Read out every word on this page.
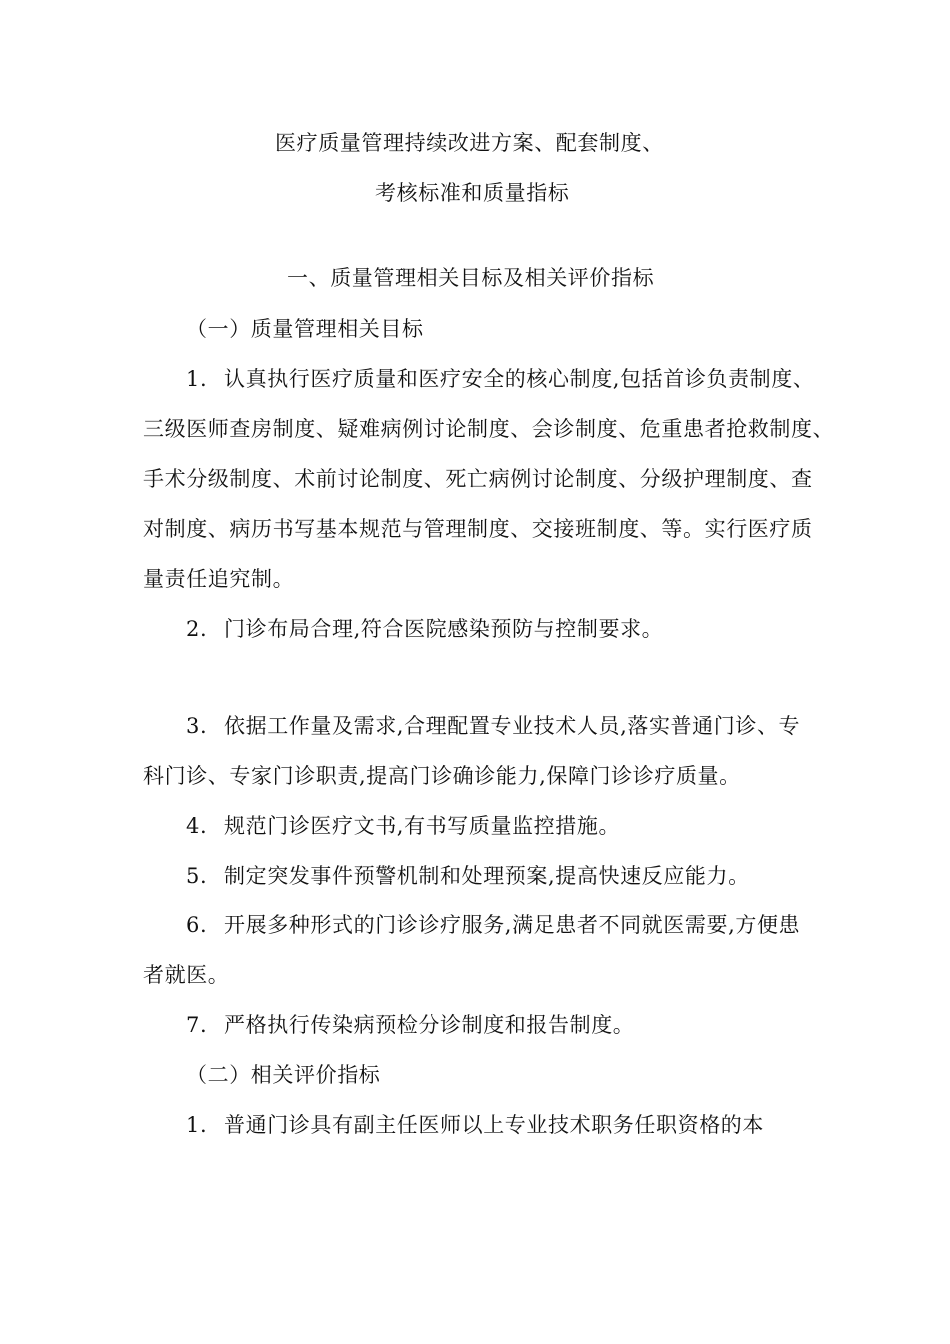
医疗质量管理持续改进方案、配套制度、
考核标准和质量指标
一、质量管理相关目标及相关评价指标
（一）质量管理相关目标
1. 认真执行医疗质量和医疗安全的核心制度,包括首诊负责制度、
三级医师查房制度、疑难病例讨论制度、会诊制度、危重患者抢救制度、
手术分级制度、术前讨论制度、死亡病例讨论制度、分级护理制度、查
对制度、病历书写基本规范与管理制度、交接班制度、等。实行医疗质
量责任追究制。
2. 门诊布局合理,符合医院感染预防与控制要求。
3. 依据工作量及需求,合理配置专业技术人员,落实普通门诊、专
科门诊、专家门诊职责,提高门诊确诊能力,保障门诊诊疗质量。
4. 规范门诊医疗文书,有书写质量监控措施。
5. 制定突发事件预警机制和处理预案,提高快速反应能力。
6. 开展多种形式的门诊诊疗服务,满足患者不同就医需要,方便患
者就医。
7. 严格执行传染病预检分诊制度和报告制度。
（二）相关评价指标
1. 普通门诊具有副主任医师以上专业技术职务任职资格的本
